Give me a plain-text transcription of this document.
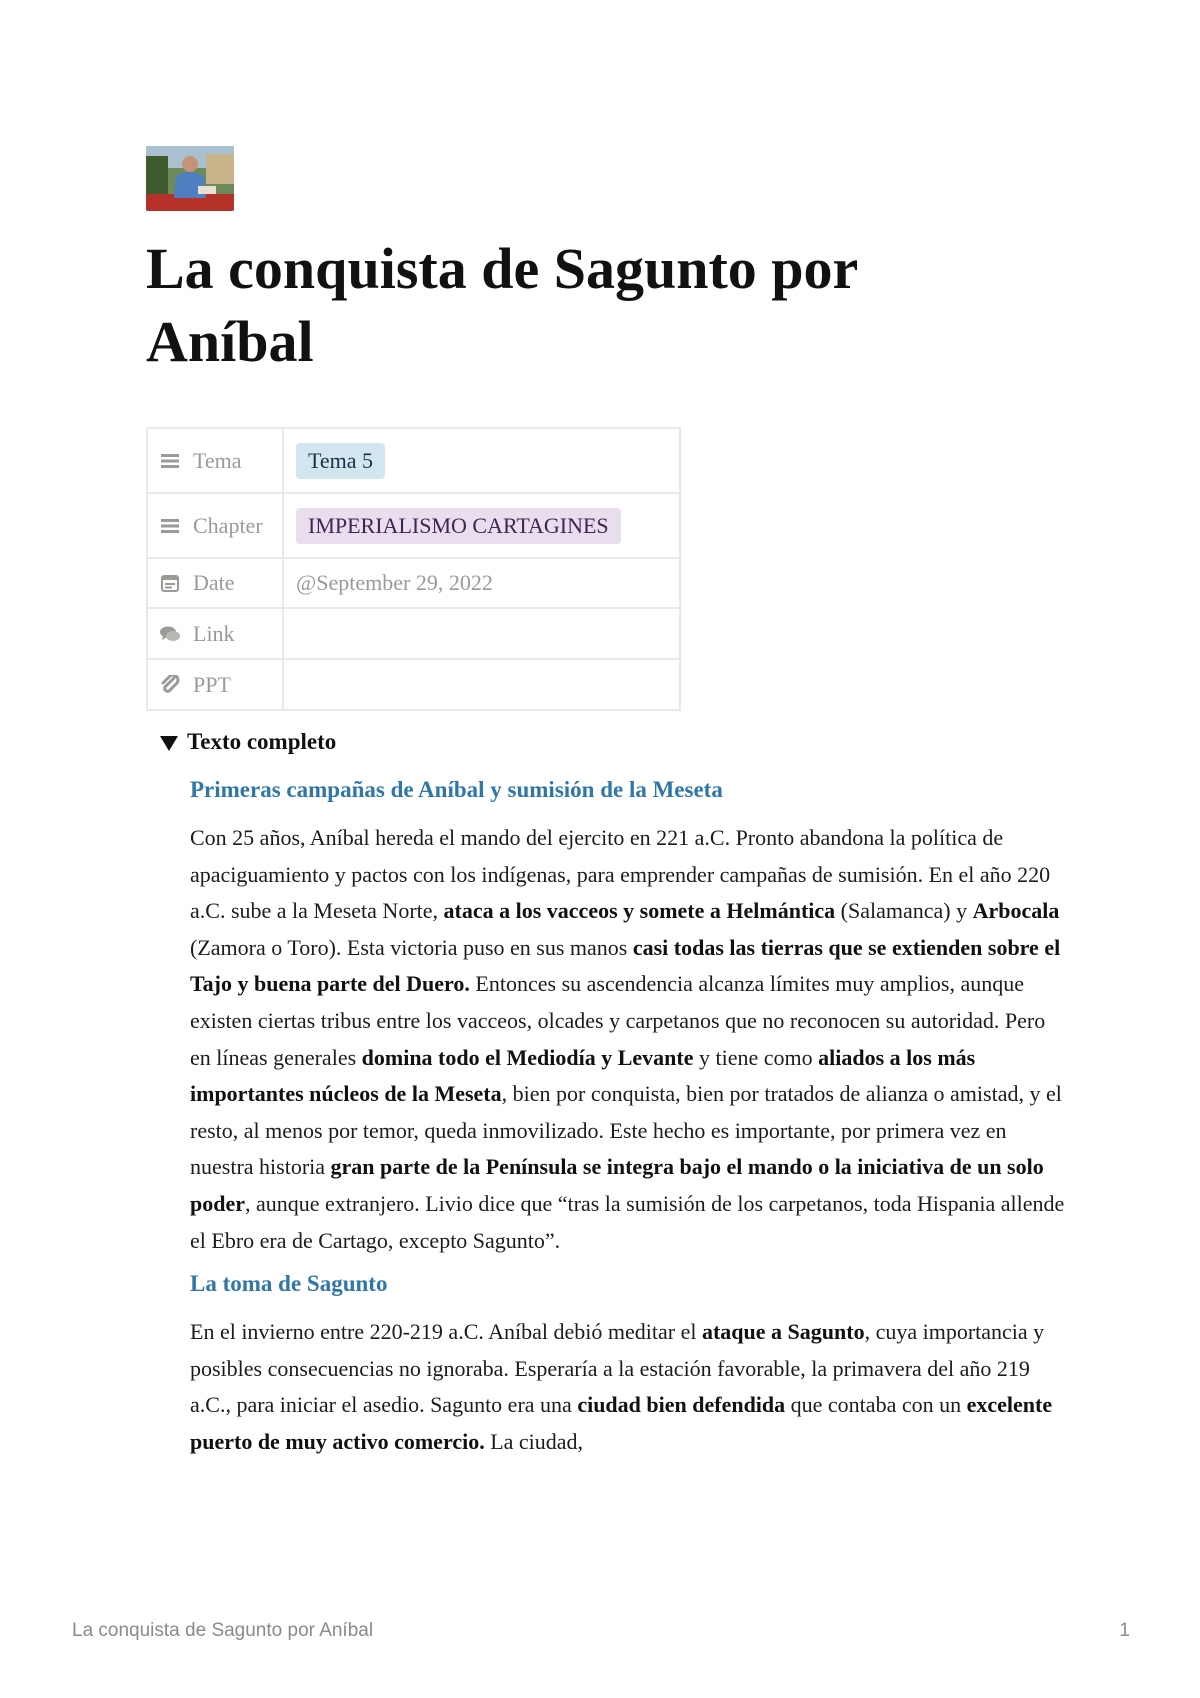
La conquista de Sagunto por Aníbal
Tema	Tema 5

Chapter	IMPERIALISMO CARTAGINES

Date	@September 29, 2022

Link	

PPT	

Texto completo
Primeras campañas de Aníbal y sumisión de la Meseta

Con 25 años, Aníbal hereda el mando del ejercito en 221 a.C. Pronto abandona la política de apaciguamiento y pactos con los indígenas, para emprender campañas de sumisión. En el año 220 a.C. sube a la Meseta Norte, ataca a los vacceos y somete a Helmántica (Salamanca) y Arbocala (Zamora o Toro). Esta victoria puso en sus manos casi todas las tierras que se extienden sobre el Tajo y buena parte del Duero. Entonces su ascendencia alcanza límites muy amplios, aunque existen ciertas tribus entre los vacceos, olcades y carpetanos que no reconocen su autoridad. Pero en líneas generales domina todo el Mediodía y Levante y tiene como aliados a los más importantes núcleos de la Meseta, bien por conquista, bien por tratados de alianza o amistad, y el resto, al menos por temor, queda inmovilizado. Este hecho es importante, por primera vez en nuestra historia gran parte de la Península se integra bajo el mando o la iniciativa de un solo poder, aunque extranjero. Livio dice que “tras la sumisión de los carpetanos, toda Hispania allende el Ebro era de Cartago, excepto Sagunto”.

La toma de Sagunto

En el invierno entre 220-219 a.C. Aníbal debió meditar el ataque a Sagunto, cuya importancia y posibles consecuencias no ignoraba. Esperaría a la estación favorable, la primavera del año 219 a.C., para iniciar el asedio. Sagunto era una ciudad bien defendida que contaba con un excelente puerto de muy activo comercio. La ciudad,

La conquista de Sagunto por Aníbal	1
